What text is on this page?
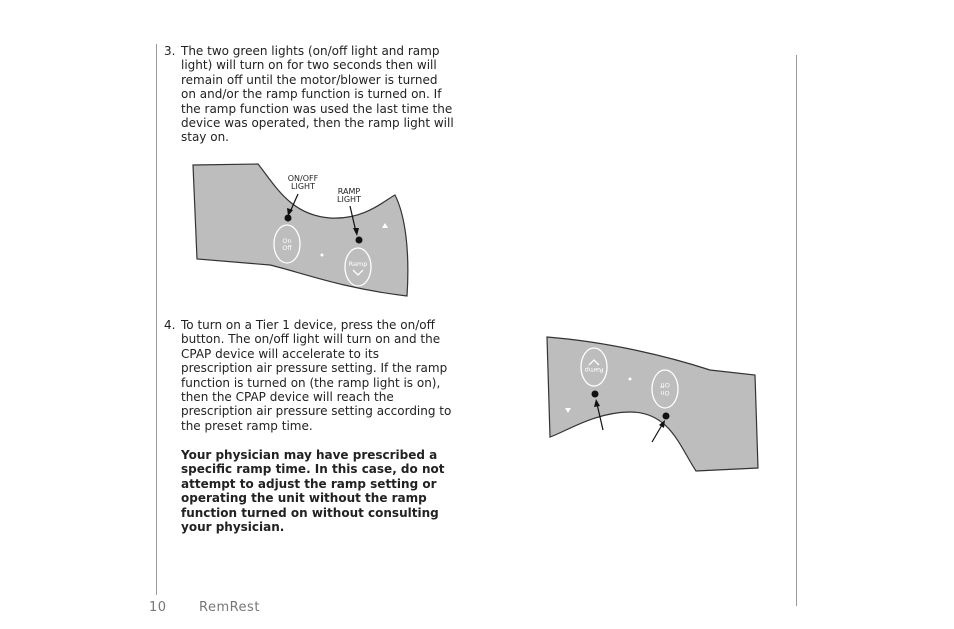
3. The two green lights (on/off light and ramp light) will turn on for two seconds then will remain off until the motor/blower is turned on and/or the ramp function is turned on. If the ramp function was used the last time the device was operated, then the ramp light will stay on.
ON/OFF
LIGHT
RAMP
LIGHT
On
Off
Ramp
4. To turn on a Tier 1 device, press the on/off button. The on/off light will turn on and the CPAP device will accelerate to its prescription air pressure setting. If the ramp function is turned on (the ramp light is on), then the CPAP device will reach the prescription air pressure setting according to the preset ramp time.
Your physician may have prescribed a specific ramp time. In this case, do not attempt to adjust the ramp setting or operating the unit without the ramp function turned on without consulting your physician.
Ramp
On
Off
10 RemRest
